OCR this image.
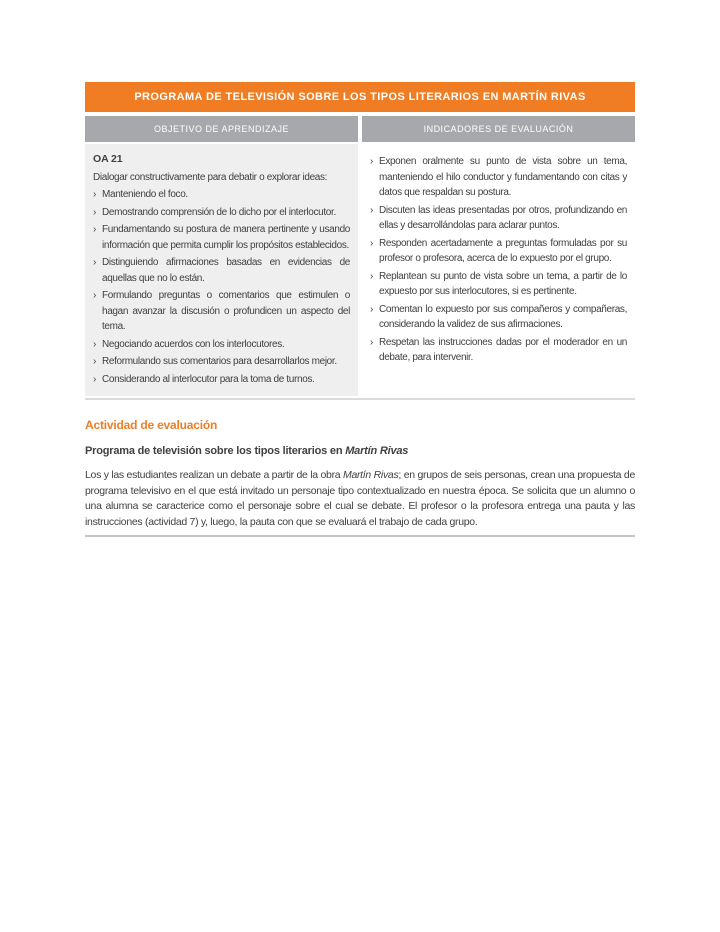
PROGRAMA DE TELEVISIÓN SOBRE LOS TIPOS LITERARIOS EN MARTÍN RIVAS
OBJETIVO DE APRENDIZAJE	INDICADORES DE EVALUACIÓN

OA 21

Dialogar constructivamente para debatir o explorar ideas:

› Manteniendo el foco.
› Demostrando comprensión de lo dicho por el interlocutor.
› Fundamentando su postura de manera pertinente y usando información que permita cumplir los propósitos establecidos.
› Distinguiendo afirmaciones basadas en evidencias de aquellas que no lo están.
› Formulando preguntas o comentarios que estimulen o hagan avanzar la discusión o profundicen un aspecto del tema.
› Negociando acuerdos con los interlocutores.
› Reformulando sus comentarios para desarrollarlos mejor.
› Considerando al interlocutor para la toma de turnos.
› Exponen oralmente su punto de vista sobre un tema, manteniendo el hilo conductor y fundamentando con citas y datos que respaldan su postura.
› Discuten las ideas presentadas por otros, profundizando en ellas y desarrollándolas para aclarar puntos.
› Responden acertadamente a preguntas formuladas por su profesor o profesora, acerca de lo expuesto por el grupo.
› Replantean su punto de vista sobre un tema, a partir de lo expuesto por sus interlocutores, si es pertinente.
› Comentan lo expuesto por sus compañeros y compañeras, considerando la validez de sus afirmaciones.
› Respetan las instrucciones dadas por el moderador en un debate, para intervenir.
Actividad de evaluación

Programa de televisión sobre los tipos literarios en Martín Rivas

Los y las estudiantes realizan un debate a partir de la obra Martín Rivas; en grupos de seis personas, crean una propuesta de programa televisivo en el que está invitado un personaje tipo contextualizado en nuestra época. Se solicita que un alumno o una alumna se caracterice como el personaje sobre el cual se debate. El profesor o la profesora entrega una pauta y las instrucciones (actividad 7) y, luego, la pauta con que se evaluará el trabajo de cada grupo.
